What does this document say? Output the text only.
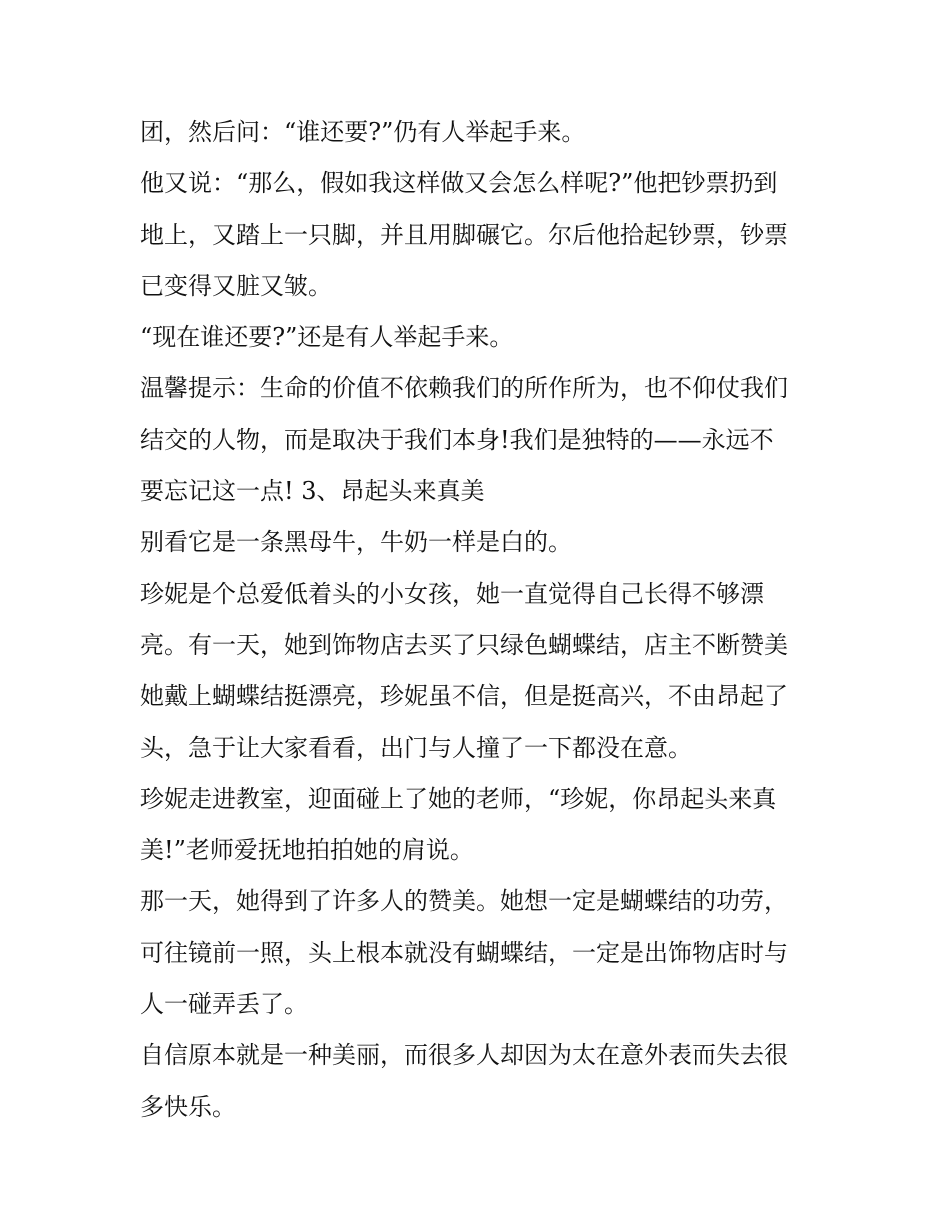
团，然后问：“谁还要?”仍有人举起手来。
他又说：“那么，假如我这样做又会怎么样呢?”他把钞票扔到
地上，又踏上一只脚，并且用脚碾它。尔后他拾起钞票，钞票
已变得又脏又皱。
“现在谁还要?”还是有人举起手来。
温馨提示：生命的价值不依赖我们的所作所为，也不仰仗我们
结交的人物，而是取决于我们本身!我们是独特的——永远不
要忘记这一点! 3、昂起头来真美
别看它是一条黑母牛，牛奶一样是白的。
珍妮是个总爱低着头的小女孩，她一直觉得自己长得不够漂
亮。有一天，她到饰物店去买了只绿色蝴蝶结，店主不断赞美
她戴上蝴蝶结挺漂亮，珍妮虽不信，但是挺高兴，不由昂起了
头，急于让大家看看，出门与人撞了一下都没在意。
珍妮走进教室，迎面碰上了她的老师，“珍妮，你昂起头来真
美!”老师爱抚地拍拍她的肩说。
那一天，她得到了许多人的赞美。她想一定是蝴蝶结的功劳，
可往镜前一照，头上根本就没有蝴蝶结，一定是出饰物店时与
人一碰弄丢了。
自信原本就是一种美丽，而很多人却因为太在意外表而失去很
多快乐。
